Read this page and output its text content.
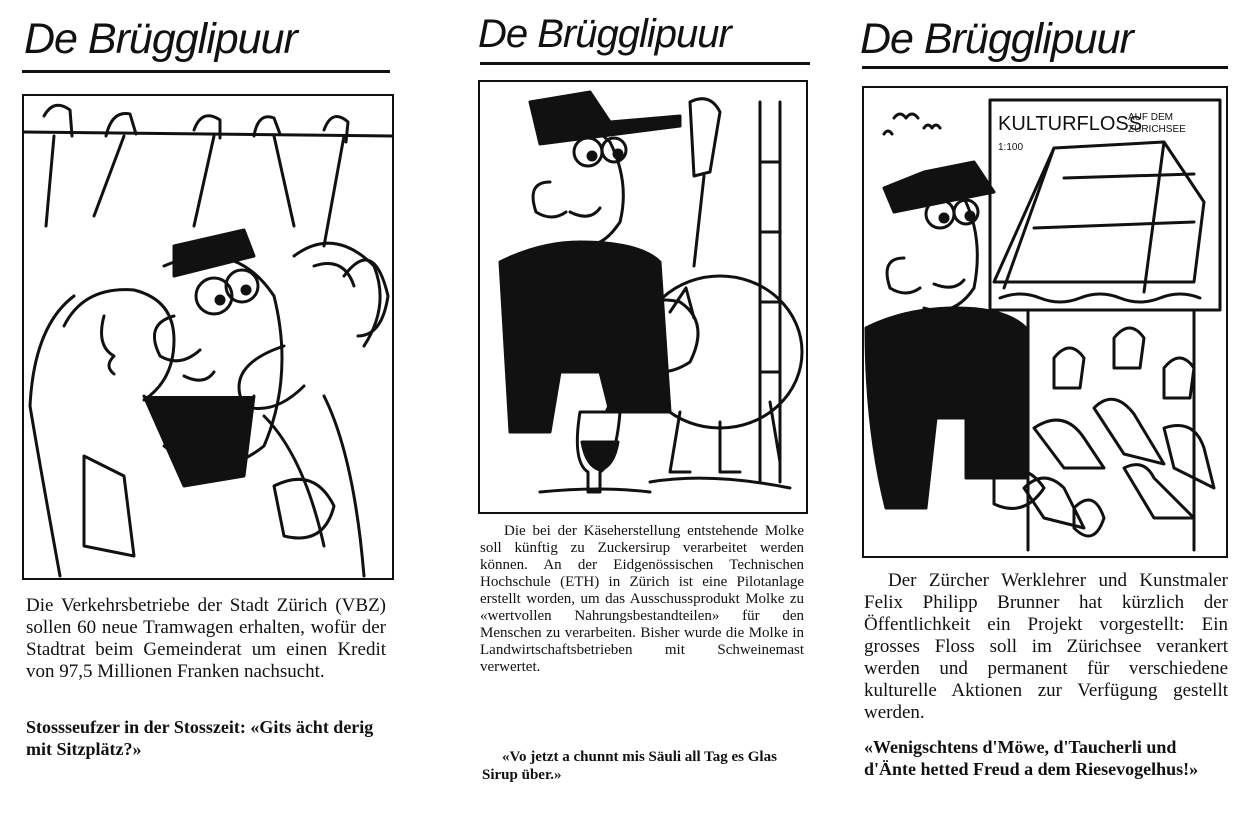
De Brügglipuur

Die Verkehrsbetriebe der Stadt Zürich (VBZ) sollen 60 neue Tramwagen erhalten, wofür der Stadtrat beim Gemeinderat um einen Kredit von 97,5 Millionen Franken nachsucht.

Stossseufzer in der Stosszeit: «Gits ächt derig mit Sitzplätz?»

De Brügglipuur

Die bei der Käseherstellung entstehende Molke soll künftig zu Zuckersirup verarbeitet werden können. An der Eidgenössischen Technischen Hochschule (ETH) in Zürich ist eine Pilotanlage erstellt worden, um das Ausschussprodukt Molke zu «wertvollen Nahrungsbestandteilen» für den Menschen zu verarbeiten. Bisher wurde die Molke in Landwirtschaftsbetrieben mit Schweinemast verwertet.

«Vo jetzt a chunnt mis Säuli all Tag es Glas Sirup über.»

De Brügglipuur
KULTURFLOSS
AUF DEM
ZÜRICHSEE
1:100

Der Zürcher Werklehrer und Kunstmaler Felix Philipp Brunner hat kürzlich der Öffentlichkeit ein Projekt vorgestellt: Ein grosses Floss soll im Zürichsee verankert werden und permanent für verschiedene kulturelle Aktionen zur Verfügung gestellt werden.

«Wenigschtens d'Möwe, d'Taucherli und d'Änte hetted Freud a dem Riesevogelhus!»
